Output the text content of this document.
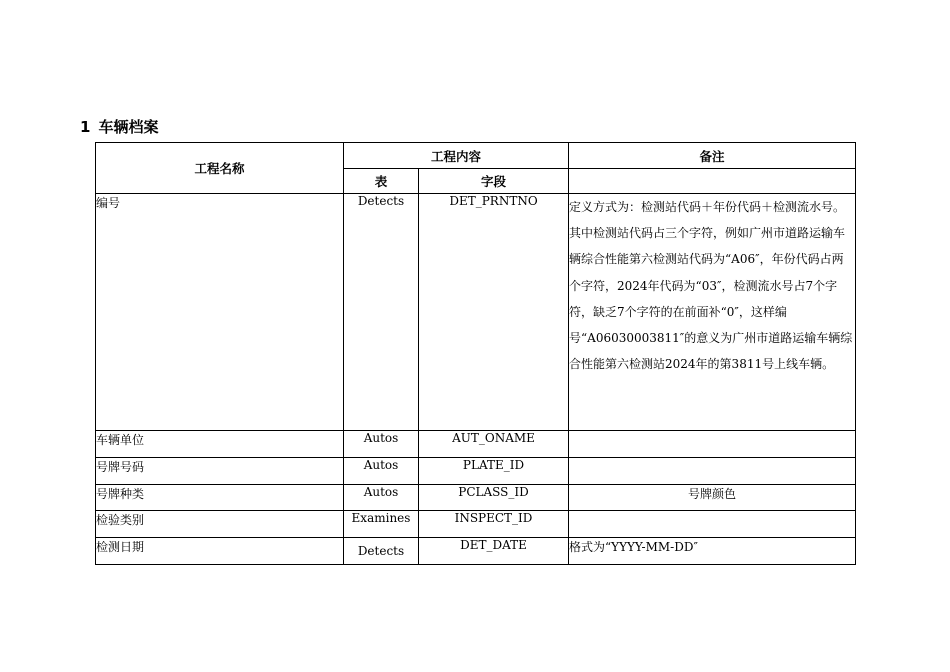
1 车辆档案
工程名称	工程内容		备注
	表	字段	
编号	Detects	DET_PRNTNO	定义方式为：检测站代码＋年份代码＋检测流水号。其中检测站代码占三个字符，例如广州市道路运输车辆综合性能第六检测站代码为“A06″，年份代码占两个字符，2024年代码为“03″，检测流水号占7个字符，缺乏7个字符的在前面补“0″，这样编号“A06030003811″的意义为广州市道路运输车辆综合性能第六检测站2024年的第3811号上线车辆。
车辆单位	Autos	AUT_ONAME	
号牌号码	Autos	PLATE_ID	
号牌种类	Autos	PCLASS_ID	号牌颜色
检验类别	Examines	INSPECT_ID	
检测日期	Detects	DET_DATE	格式为“YYYY-MM-DD″
